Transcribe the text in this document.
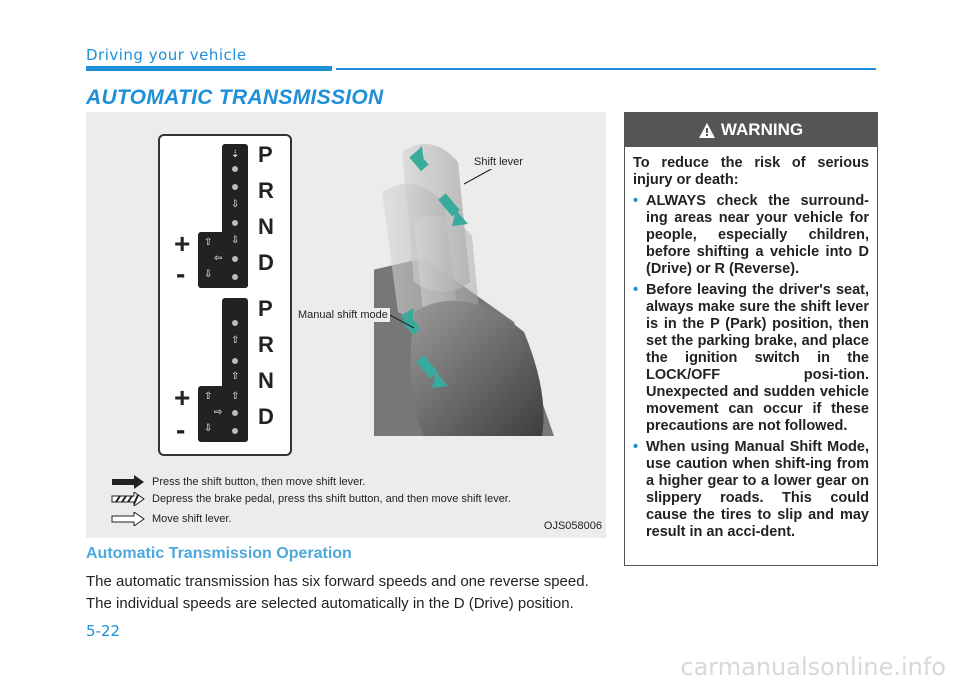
Driving your vehicle
AUTOMATIC TRANSMISSION
⇣
⇩
⇩
⇦
⇧
⇩
⇧
⇧
⇧
⇨
⇧
⇩
P
R
N
D
P
R
N
D
+
-
+
-
Shift lever
Manual shift mode
Press the shift button, then move shift lever.
Depress the brake pedal, press ths shift button, and then move shift lever.
Move shift lever.
OJS058006
Automatic Transmission Operation

The automatic transmission has six forward speeds and one reverse speed. The individual speeds are selected automatically in the D (Drive) position.

WARNING

To reduce the risk of serious injury or death:

• ALWAYS check the surround-ing areas near your vehicle for people, especially children, before shifting a vehicle into D (Drive) or R (Reverse).
• Before leaving the driver's seat, always make sure the shift lever is in the P (Park) position, then set the parking brake, and place the ignition switch in the LOCK/OFF posi-tion. Unexpected and sudden vehicle movement can occur if these precautions are not followed.
• When using Manual Shift Mode, use caution when shift-ing from a higher gear to a lower gear on slippery roads. This could cause the tires to slip and may result in an acci-dent.
5-22
carmanualsonline.info
